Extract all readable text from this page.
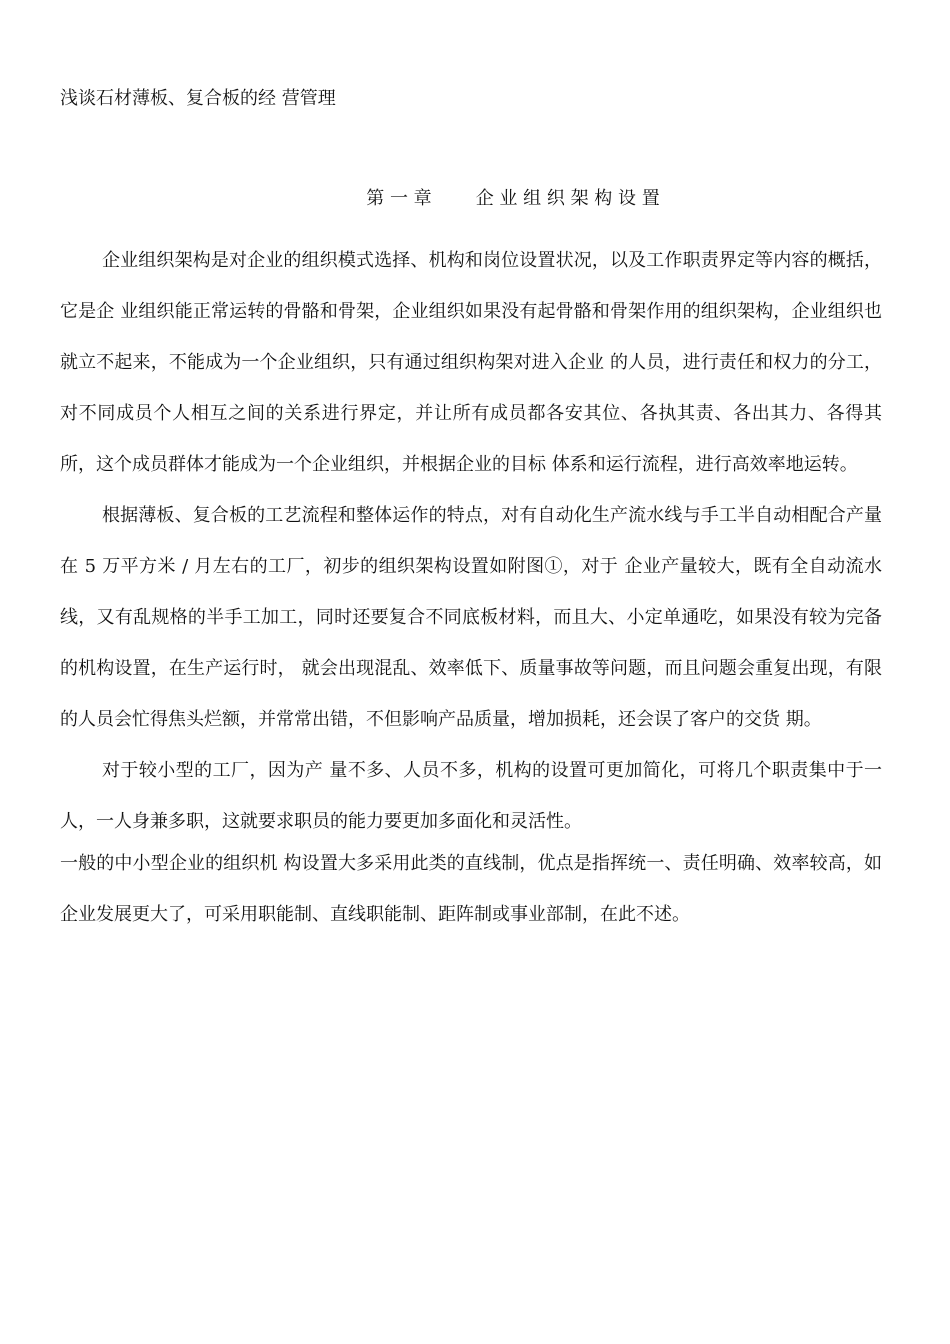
浅谈石材薄板、复合板的经 营管理
第 一 章 企 业 组 织 架 构 设 置

企业组织架构是对企业的组织模式选择、机构和岗位设置状况，以及工作职责界定等内容的概括，它是企 业组织能正常运转的骨骼和骨架，企业组织如果没有起骨骼和骨架作用的组织架构，企业组织也就立不起来，不能成为一个企业组织，只有通过组织构架对进入企业 的人员，进行责任和权力的分工，对不同成员个人相互之间的关系进行界定，并让所有成员都各安其位、各执其责、各出其力、各得其所，这个成员群体才能成为一个企业组织，并根据企业的目标 体系和运行流程，进行高效率地运转。

根据薄板、复合板的工艺流程和整体运作的特点，对有自动化生产流水线与手工半自动相配合产量在 5 万平方米 / 月左右的工厂，初步的组织架构设置如附图①，对于 企业产量较大，既有全自动流水线，又有乱规格的半手工加工，同时还要复合不同底板材料，而且大、小定单通吃，如果没有较为完备的机构设置，在生产运行时， 就会出现混乱、效率低下、质量事故等问题，而且问题会重复出现，有限的人员会忙得焦头烂额，并常常出错，不但影响产品质量，增加损耗，还会误了客户的交货 期。

对于较小型的工厂，因为产 量不多、人员不多，机构的设置可更加简化，可将几个职责集中于一人，一人身兼多职，这就要求职员的能力要更加多面化和灵活性。

一般的中小型企业的组织机 构设置大多采用此类的直线制，优点是指挥统一、责任明确、效率较高，如企业发展更大了，可采用职能制、直线职能制、距阵制或事业部制，在此不述。
